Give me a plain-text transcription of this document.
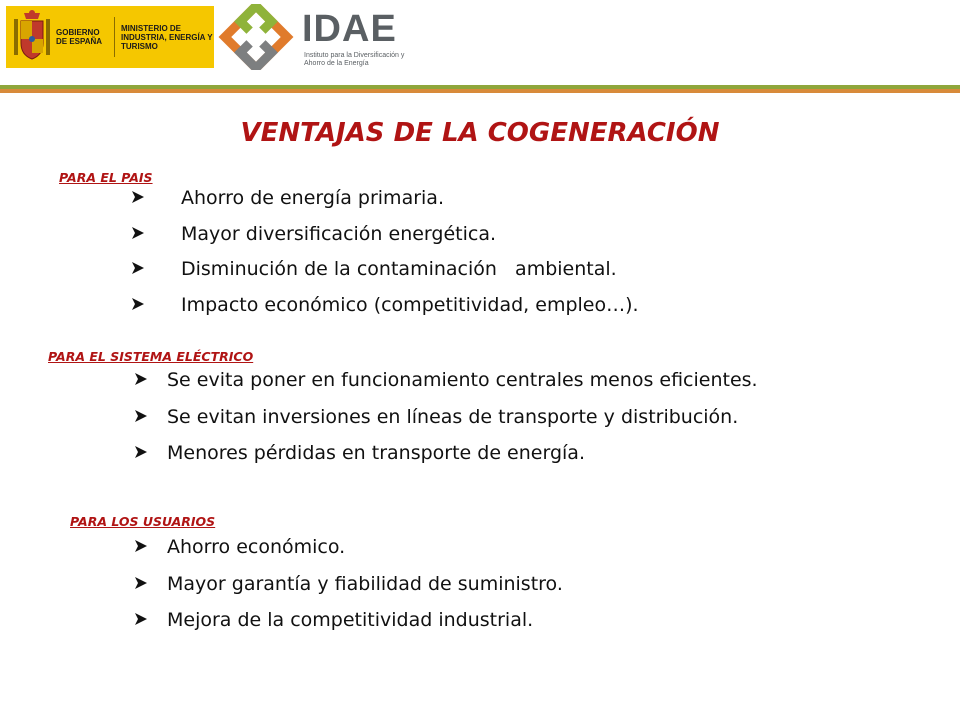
GOBIERNO DE ESPAÑA
MINISTERIO DE INDUSTRIA, ENERGÍA Y TURISMO	IDAE
Instituto para la Diversificación y Ahorro de la Energía
VENTAJAS DE LA COGENERACIÓN
PARA EL PAIS
Ahorro de energía primaria.
Mayor diversificación energética.
Disminución de la contaminación   ambiental.
Impacto económico (competitividad, empleo…).
PARA EL SISTEMA ELÉCTRICO
Se evita poner en funcionamiento centrales menos eficientes.
Se evitan inversiones en líneas de transporte y distribución.
Menores pérdidas en transporte de energía.
PARA LOS USUARIOS
Ahorro económico.
Mayor garantía y fiabilidad de suministro.
Mejora de la competitividad industrial.
